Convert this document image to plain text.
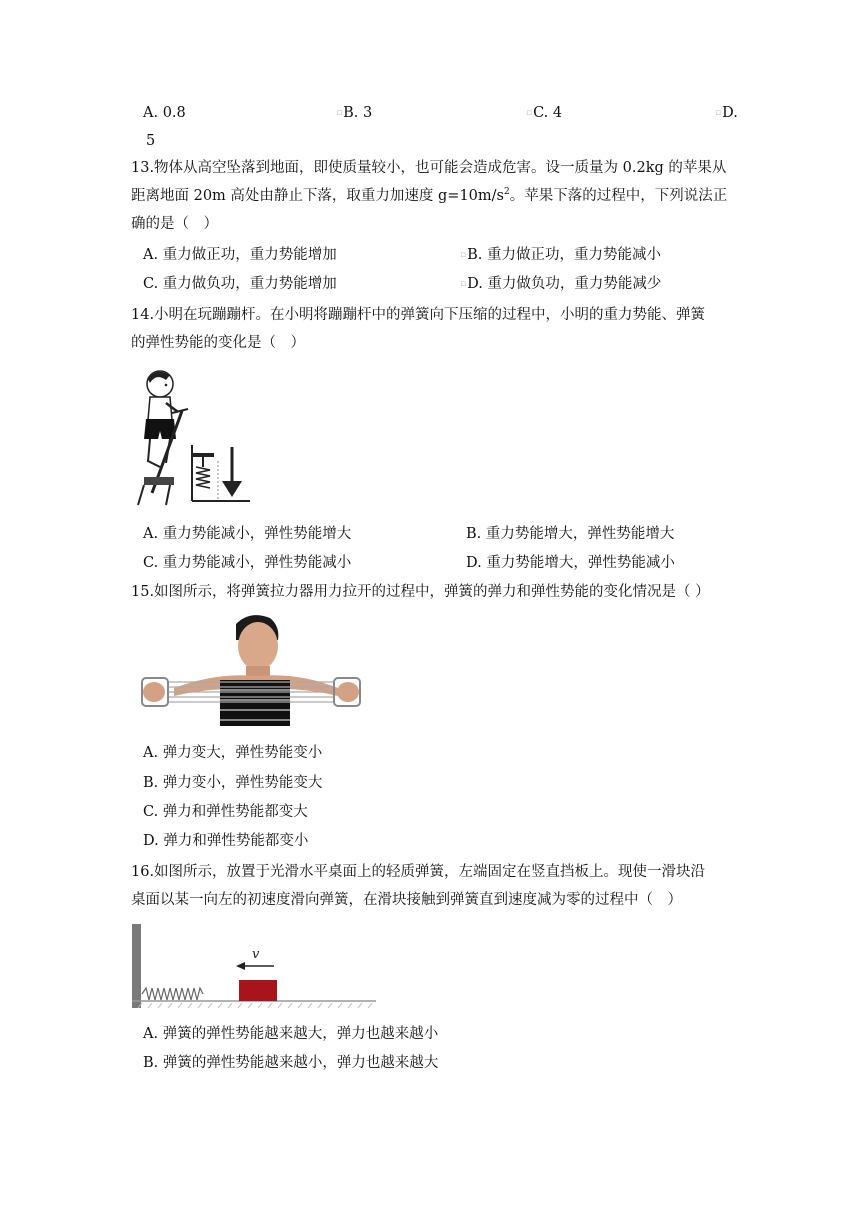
A. 0.8	▫B. 3	▫C. 4	▫D.
5
13.物体从高空坠落到地面，即使质量较小，也可能会造成危害。设一质量为 0.2kg 的苹果从
距离地面 20m 高处由静止下落，取重力加速度 $g=10m/s^2$。苹果下落的过程中，下列说法正
确的是（　）
A. 重力做正功，重力势能增加	▫B. 重力做正功，重力势能减小
C. 重力做负功，重力势能增加	▫D. 重力做负功，重力势能减少
14.小明在玩蹦蹦杆。在小明将蹦蹦杆中的弹簧向下压缩的过程中，小明的重力势能、弹簧
的弹性势能的变化是（　）
A. 重力势能减小，弹性势能增大	B. 重力势能增大，弹性势能增大
C. 重力势能减小，弹性势能减小	D. 重力势能增大，弹性势能减小
15.如图所示，将弹簧拉力器用力拉开的过程中，弹簧的弹力和弹性势能的变化情况是（ ）
A. 弹力变大，弹性势能变小
B. 弹力变小，弹性势能变大
C. 弹力和弹性势能都变大
D. 弹力和弹性势能都变小
16.如图所示，放置于光滑水平桌面上的轻质弹簧，左端固定在竖直挡板上。现使一滑块沿
桌面以某一向左的初速度滑向弹簧，在滑块接触到弹簧直到速度减为零的过程中（　）
v
A. 弹簧的弹性势能越来越大，弹力也越来越小
B. 弹簧的弹性势能越来越小，弹力也越来越大
